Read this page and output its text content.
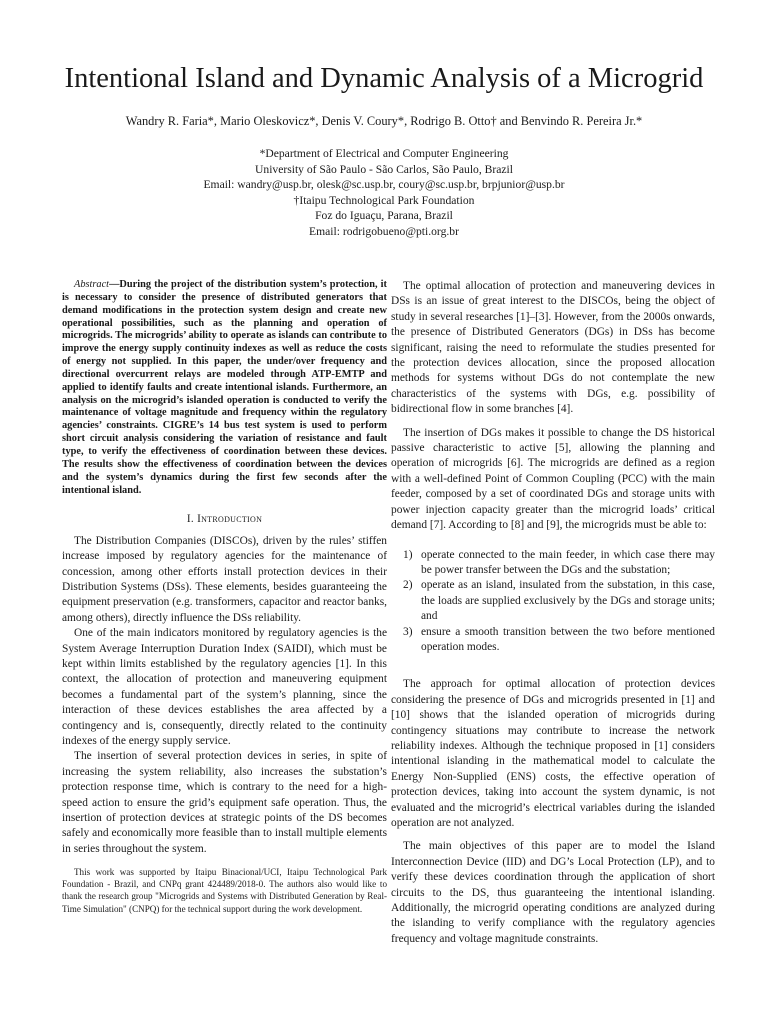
Intentional Island and Dynamic Analysis of a Microgrid
Wandry R. Faria*, Mario Oleskovicz*, Denis V. Coury*, Rodrigo B. Otto† and Benvindo R. Pereira Jr.*
*Department of Electrical and Computer Engineering
University of São Paulo - São Carlos, São Paulo, Brazil
Email: wandry@usp.br, olesk@sc.usp.br, coury@sc.usp.br, brpjunior@usp.br
†Itaipu Technological Park Foundation
Foz do Iguaçu, Parana, Brazil
Email: rodrigobueno@pti.org.br
Abstract—During the project of the distribution system’s protection, it is necessary to consider the presence of distributed generators that demand modifications in the protection system design and create new operational possibilities, such as the planning and operation of microgrids. The microgrids’ ability to operate as islands can contribute to improve the energy supply continuity indexes as well as reduce the costs of energy not supplied. In this paper, the under/over frequency and directional overcurrent relays are modeled through ATP-EMTP and applied to identify faults and create intentional islands. Furthermore, an analysis on the microgrid’s islanded operation is conducted to verify the maintenance of voltage magnitude and frequency within the regulatory agencies’ constraints. CIGRE’s 14 bus test system is used to perform short circuit analysis considering the variation of resistance and fault type, to verify the effectiveness of coordination between these devices. The results show the effectiveness of coordination between the devices and the system’s dynamics during the first few seconds after the intentional island.
I. Introduction

The Distribution Companies (DISCOs), driven by the rules’ stiffen increase imposed by regulatory agencies for the maintenance of concession, among other efforts install protection devices in their Distribution Systems (DSs). These elements, besides guaranteeing the equipment preservation (e.g. transformers, capacitor and reactor banks, among others), directly influence the DSs reliability.

One of the main indicators monitored by regulatory agencies is the System Average Interruption Duration Index (SAIDI), which must be kept within limits established by the regulatory agencies [1]. In this context, the allocation of protection and maneuvering equipment becomes a fundamental part of the system’s planning, since the interaction of these devices establishes the area affected by a contingency and is, consequently, directly related to the continuity indexes of the energy supply service.

The insertion of several protection devices in series, in spite of increasing the system reliability, also increases the substation’s protection response time, which is contrary to the need for a high-speed action to ensure the grid’s equipment safe operation. Thus, the insertion of protection devices at strategic points of the DS becomes safely and economically more feasible than to install multiple elements in series throughout the system.

This work was supported by Itaipu Binacional/UCI, Itaipu Technological Park Foundation - Brazil, and CNPq grant 424489/2018-0. The authors also would like to thank the research group "Microgrids and Systems with Distributed Generation by Real-Time Simulation" (CNPQ) for the technical support during the work development.

The optimal allocation of protection and maneuvering devices in DSs is an issue of great interest to the DISCOs, being the object of study in several researches [1]–[3]. However, from the 2000s onwards, the presence of Distributed Generators (DGs) in DSs has become significant, raising the need to reformulate the studies presented for the protection devices allocation, since the proposed allocation methods for systems without DGs do not contemplate the new characteristics of the systems with DGs, e.g. possibility of bidirectional flow in some branches [4].

The insertion of DGs makes it possible to change the DS historical passive characteristic to active [5], allowing the planning and operation of microgrids [6]. The microgrids are defined as a region with a well-defined Point of Common Coupling (PCC) with the main feeder, composed by a set of coordinated DGs and storage units with power injection capacity greater than the microgrid loads’ critical demand [7]. According to [8] and [9], the microgrids must be able to:

1) operate connected to the main feeder, in which case there may be power transfer between the DGs and the substation;
2) operate as an island, insulated from the substation, in this case, the loads are supplied exclusively by the DGs and storage units; and
3) ensure a smooth transition between the two before mentioned operation modes.

The approach for optimal allocation of protection devices considering the presence of DGs and microgrids presented in [1] and [10] shows that the islanded operation of microgrids during contingency situations may contribute to increase the network reliability indexes. Although the technique proposed in [1] considers intentional islanding in the mathematical model to calculate the Energy Non-Supplied (ENS) costs, the effective operation of protection devices, taking into account the system dynamic, is not evaluated and the microgrid’s electrical variables during the islanded operation are not analyzed.

The main objectives of this paper are to model the Island Interconnection Device (IID) and DG’s Local Protection (LP), and to verify these devices coordination through the application of short circuits to the DS, thus guaranteeing the intentional islanding. Additionally, the microgrid operating conditions are analyzed during the islanding to verify compliance with the regulatory agencies frequency and voltage magnitude constraints.
